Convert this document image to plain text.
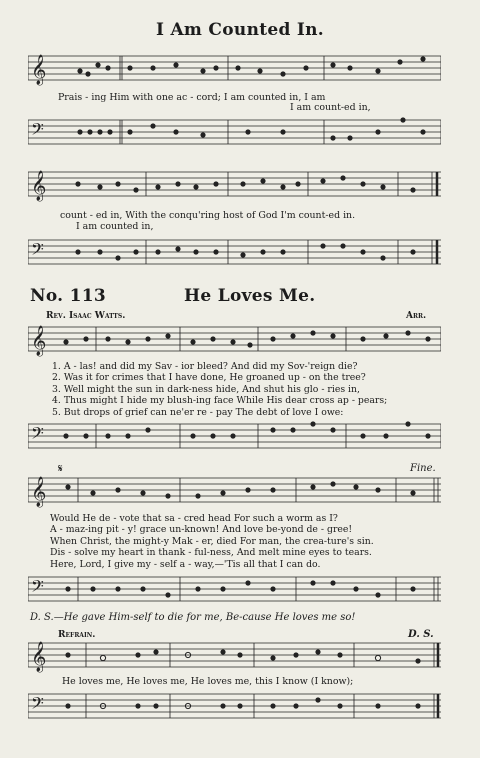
I Am Counted In.
𝄞
Prais - ing Him with one ac - cord; I am counted in, I am
I am count-ed in,
𝄢
𝄞
count - ed in, With the conqu'ring host of God I'm count-ed in.
I am counted in,
𝄢
No. 113	He Loves Me.
Rev. Isaac Watts.	Arr.
𝄞
1. A - las! and did my Sav - ior bleed? And did my Sov-'reign die?
2. Was it for crimes that I have done, He groaned up - on the tree?
3. Well might the sun in dark-ness hide, And shut his glo - ries in,
4. Thus might I hide my blush-ing face While His dear cross ap - pears;
5. But drops of grief can ne'er re - pay The debt of love I owe:
𝄢
𝄋	Fine.
𝄞
Would He de - vote that sa - cred head For such a worm as I?
A - maz-ing pit - y! grace un-known! And love be-yond de - gree!
When Christ, the might-y Mak - er, died For man, the crea-ture's sin.
Dis - solve my heart in thank - ful-ness, And melt mine eyes to tears.
Here, Lord, I give my - self a - way,—'Tis all that I can do.
𝄢
D. S.—He gave Him-self to die for me, Be-cause He loves me so!
Refrain.	D. S.
𝄞
He loves me, He loves me, He loves me, this I know (I know);
𝄢
